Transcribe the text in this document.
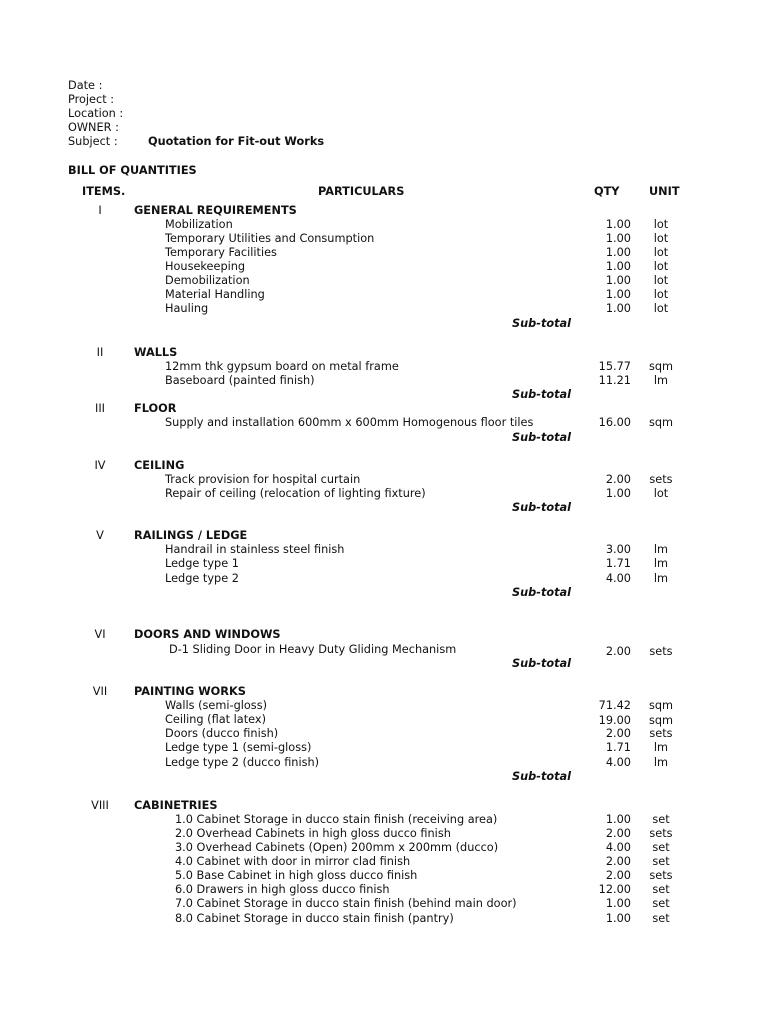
Date :
Project :
Location :
OWNER :
Subject :	Quotation for Fit-out Works
BILL OF QUANTITIES
ITEMS.	PARTICULARS	QTY	UNIT
I	GENERAL REQUIREMENTS
Mobilization	1.00	lot
Temporary Utilities and Consumption	1.00	lot
Temporary Facilities	1.00	lot
Housekeeping	1.00	lot
Demobilization	1.00	lot
Material Handling	1.00	lot
Hauling	1.00	lot
Sub-total
II	WALLS
12mm thk gypsum board on metal frame	15.77	sqm
Baseboard (painted finish)	11.21	lm
Sub-total
III	FLOOR
Supply and installation 600mm x 600mm Homogenous floor tiles	16.00	sqm
Sub-total
IV	CEILING
Track provision for hospital curtain	2.00	sets
Repair of ceiling (relocation of lighting fixture)	1.00	lot
Sub-total
V	RAILINGS / LEDGE
Handrail in stainless steel finish	3.00	lm
Ledge type 1	1.71	lm
Ledge type 2	4.00	lm
Sub-total
VI	DOORS AND WINDOWS
D-1 Sliding Door in Heavy Duty Gliding Mechanism	2.00	sets
Sub-total
VII	PAINTING WORKS
Walls (semi-gloss)	71.42	sqm
Ceiling (flat latex)	19.00	sqm
Doors (ducco finish)	2.00	sets
Ledge type 1 (semi-gloss)	1.71	lm
Ledge type 2 (ducco finish)	4.00	lm
Sub-total
VIII CABINETRIES
1.0 Cabinet Storage in ducco stain finish (receiving area)	1.00	set
2.0 Overhead Cabinets in high gloss ducco finish	2.00	sets
3.0 Overhead Cabinets (Open) 200mm x 200mm (ducco)	4.00	set
4.0 Cabinet with door in mirror clad finish	2.00	set
5.0 Base Cabinet in high gloss ducco finish	2.00	sets
6.0 Drawers in high gloss ducco finish	12.00	set
7.0 Cabinet Storage in ducco stain finish (behind main door)	1.00	set
8.0 Cabinet Storage in ducco stain finish (pantry)	1.00	set
